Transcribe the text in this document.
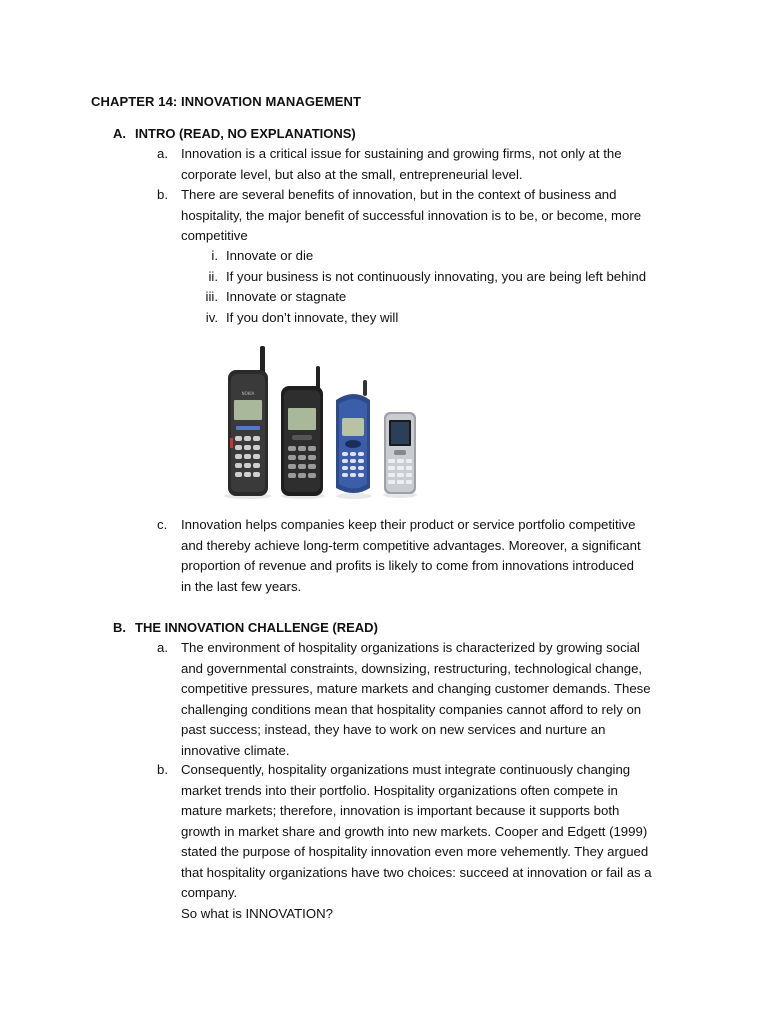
CHAPTER 14: INNOVATION MANAGEMENT
A. INTRO (READ, NO EXPLANATIONS)
a. Innovation is a critical issue for sustaining and growing firms, not only at the
corporate level, but also at the small, entrepreneurial level.
b. There are several benefits of innovation, but in the context of business and
hospitality, the major benefit of successful innovation is to be, or become, more
competitive
i. Innovate or die
ii. If your business is not continuously innovating, you are being left behind
iii. Innovate or stagnate
iv. If you don’t innovate, they will
NOKIA
c.	Innovation helps companies keep their product or service portfolio competitive
and thereby achieve long-term competitive advantages. Moreover, a significant
proportion of revenue and profits is likely to come from innovations introduced
in the last few years.
B. THE INNOVATION CHALLENGE (READ)
a. The environment of hospitality organizations is characterized by growing social
and governmental constraints, downsizing, restructuring, technological change,
competitive pressures, mature markets and changing customer demands. These
challenging conditions mean that hospitality companies cannot afford to rely on
past success; instead, they have to work on new services and nurture an
innovative climate.
b. Consequently, hospitality organizations must integrate continuously changing
market trends into their portfolio. Hospitality organizations often compete in
mature markets; therefore, innovation is important because it supports both
growth in market share and growth into new markets. Cooper and Edgett (1999)
stated the purpose of hospitality innovation even more vehemently. They argued
that hospitality organizations have two choices: succeed at innovation or fail as a
company.
So what is INNOVATION?
